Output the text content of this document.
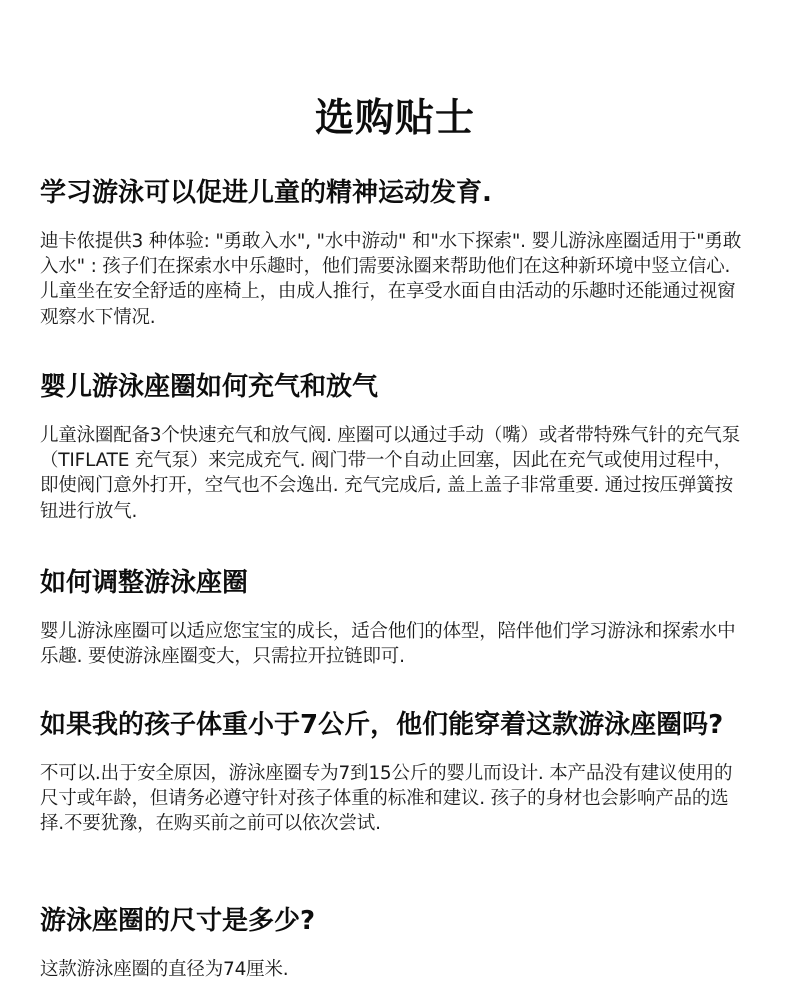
选购贴士
学习游泳可以促进儿童的精神运动发育.

迪卡侬提供3 种体验: "勇敢入水", "水中游动" 和"水下探索". 婴儿游泳座圈适用于"勇敢入水" : 孩子们在探索水中乐趣时，他们需要泳圈来帮助他们在这种新环境中竖立信心. 儿童坐在安全舒适的座椅上，由成人推行，在享受水面自由活动的乐趣时还能通过视窗观察水下情况.

婴儿游泳座圈如何充气和放气

儿童泳圈配备3个快速充气和放气阀. 座圈可以通过手动（嘴）或者带特殊气针的充气泵（TIFLATE 充气泵）来完成充气. 阀门带一个自动止回塞，因此在充气或使用过程中，即使阀门意外打开，空气也不会逸出. 充气完成后, 盖上盖子非常重要. 通过按压弹簧按钮进行放气.

如何调整游泳座圈

婴儿游泳座圈可以适应您宝宝的成长，适合他们的体型，陪伴他们学习游泳和探索水中乐趣. 要使游泳座圈变大，只需拉开拉链即可.

如果我的孩子体重小于7公斤，他们能穿着这款游泳座圈吗?

不可以.出于安全原因，游泳座圈专为7到15公斤的婴儿而设计. 本产品没有建议使用的尺寸或年龄，但请务必遵守针对孩子体重的标准和建议. 孩子的身材也会影响产品的选择.不要犹豫，在购买前之前可以依次尝试.

游泳座圈的尺寸是多少?

这款游泳座圈的直径为74厘米.
